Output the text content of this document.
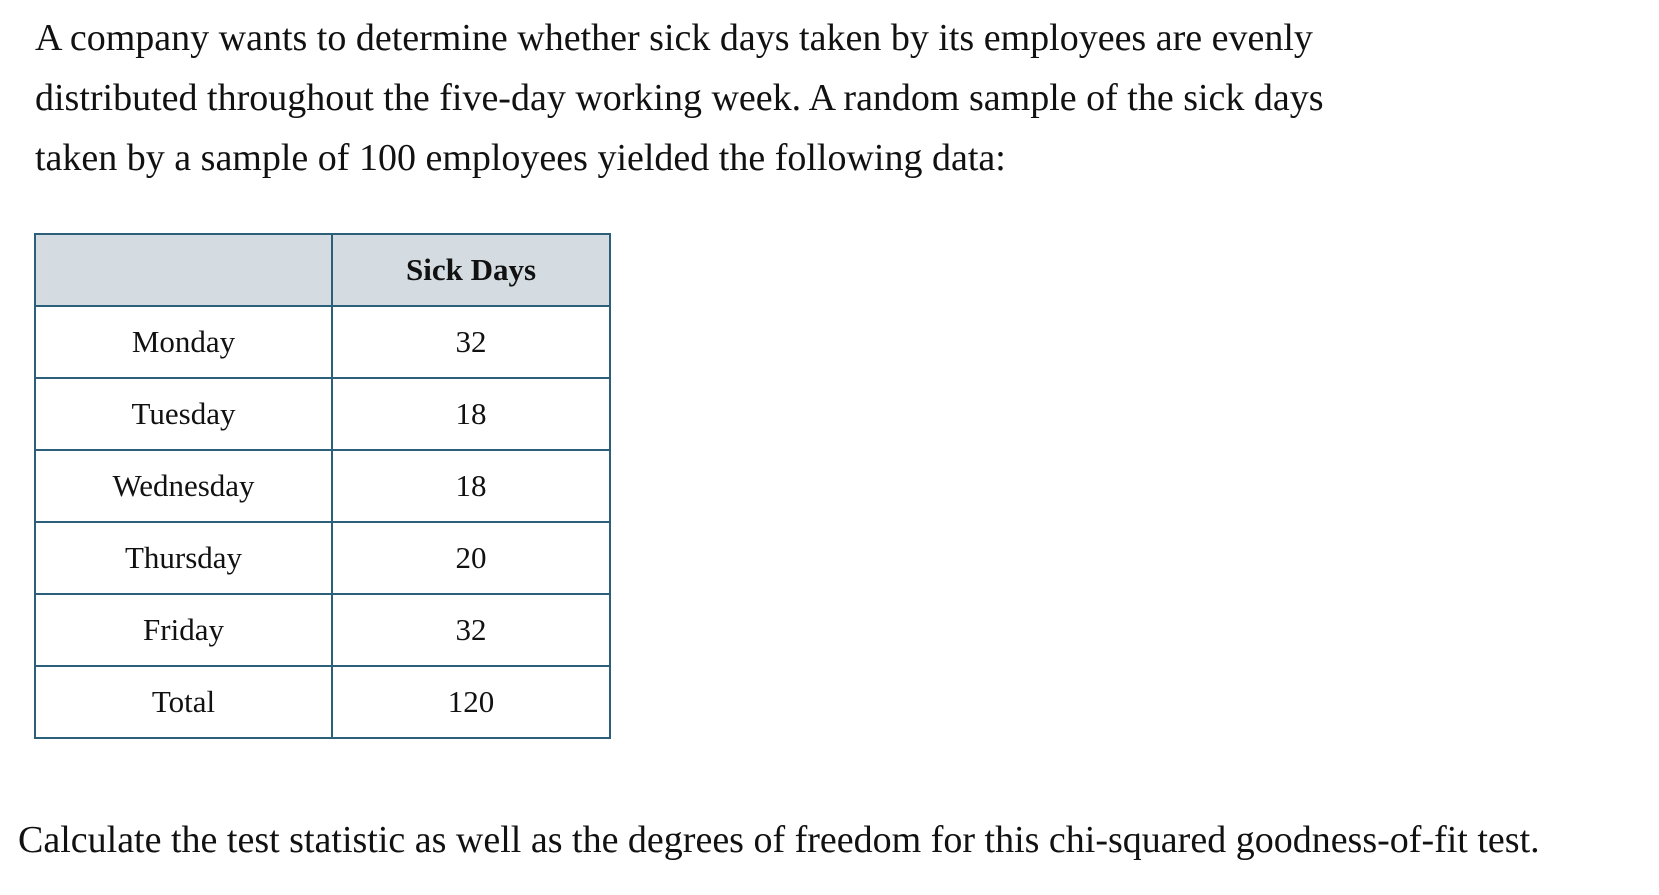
A company wants to determine whether sick days taken by its employees are evenly
distributed throughout the five-day working week. A random sample of the sick days
taken by a sample of 100 employees yielded the following data:

	Sick Days
Monday	32
Tuesday	18
Wednesday	18
Thursday	20
Friday	32
Total	120

Calculate the test statistic as well as the degrees of freedom for this chi-squared goodness-of-fit test.
